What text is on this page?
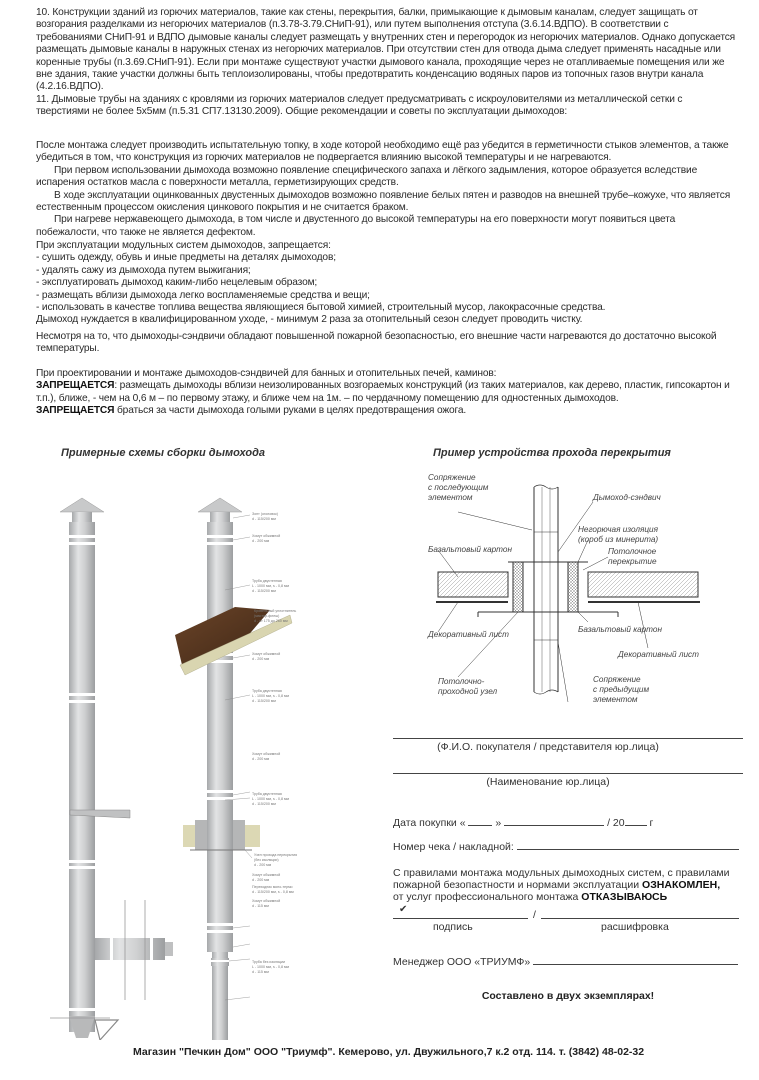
10. Конструкции зданий из горючих материалов, такие как стены, перекрытия, балки, примыкающие к дымовым каналам, следует защищать от возгорания разделками из негорючих материалов (п.3.78-3.79.СНиП-91), или путем выполнения отступа (3.6.14.ВДПО). В соответствии с требованиями СНиП-91 и ВДПО дымовые каналы следует размещать у внутренних стен и перегородок из негорючих материалов. Однако допускается размещать дымовые каналы в наружных стенах из негорючих материалов. При отсутствии стен для отвода дыма следует применять насадные или коренные трубы (п.3.69.СНиП-91). Если при монтаже существуют участки дымового канала, проходящие через не отапливаемые помещения или же вне здания, такие участки должны быть теплоизолированы, чтобы предотвратить конденсацию водяных паров из топочных газов внутри канала (4.2.16.ВДПО).

11. Дымовые трубы на зданиях с кровлями из горючих материалов следует предусматривать с искроуловителями из металлической сетки с тверстиями не более 5х5мм (п.5.31 СП7.13130.2009). Общие рекомендации и советы по эксплуатации дымоходов:

После монтажа следует производить испытательную топку, в ходе которой необходимо ещё раз убедится в герметичности стыков элементов, а также убедиться в том, что конструкция из горючих материалов не подвергается влиянию высокой температуры и не нагреваются.

При первом использовании дымохода возможно появление специфического запаха и лёгкого задымления, которое образуется вследствие испарения остатков масла с поверхности металла, герметизирующих средств.

В ходе эксплуатации оцинкованных двустенных дымоходов возможно появление белых пятен и разводов на внешней трубе–кожухе, что является естественным процессом окисления цинкового покрытия и не считается браком.

При нагреве нержавеющего дымохода, в том числе и двустенного до высокой температуры на его поверхности могут появиться цвета побежалости, что также не является дефектом.

При эксплуатации модульных систем дымоходов, запрещается:

- сушить одежду, обувь и иные предметы на деталях дымоходов;

- удалять сажу из дымохода путем выжигания;

- эксплуатировать дымоход каким-либо нецелевым образом;

- размещать вблизи дымохода легко воспламеняемые средства и вещи;

- использовать в качестве топлива вещества являющиеся бытовой химией, строительный мусор, лакокрасочные средства.

Дымоход нуждается в квалифицированном уходе, - минимум 2 раза за отопительный сезон следует проводить чистку.

Несмотря на то, что дымоходы-сэндвичи обладают повышенной пожарной безопасностью, его внешние части нагреваются до достаточно высокой температуры.

При проектировании и монтаже дымоходов-сэндвичей для банных и отопительных печей, каминов:

ЗАПРЕЩАЕТСЯ: размещать дымоходы вблизи неизолированных возгораемых конструкций (из таких материалов, как дерево, пластик, гипсокартон и т.п.), ближе, - чем на 0,6 м – по первому этажу, и ближе чем на 1м. – по чердачному помещению для одностенных дымоходов.

ЗАПРЕЩАЕТСЯ браться за части дымохода голыми руками в целях предотвращения ожога.

Примерные схемы сборки дымохода
Зонт (оголовок)
d - 115/200 мм
Хомут обжимной
d - 200 мм
Труба двустенная
L - 1000 мм, s - 0,8 мм
d - 115/200 мм
Кровельный уплотнитель
(мастер-флеш)
d - от 175 до 260 мм
Хомут обжимной
d - 200 мм
Труба двустенная
L - 1000 мм, s - 0,8 мм
d - 115/200 мм
Хомут обжимной
d - 200 мм
Труба двустенная
L - 1000 мм, s - 0,8 мм
d - 115/200 мм
Узел прохода перекрытия
(без изоляции)
d - 200 мм
Хомут обжимной
d - 200 мм
Переходник моно-термо
d - 115/200 мм, s - 0,8 мм
Хомут обжимной
d - 115 мм
Труба без изоляции
L - 1000 мм, s - 0,8 мм
d - 115 мм
Пример устройства прохода перекрытия
Сопряжение
с последующим
элементом	Дымоход-сэндвич
Негорючая изоляция
(короб из минерита)
Базальтовый картон	Потолочное
перекрытие
Декоративный лист
Базальтовый картон
Декоративный лист
Потолочно-
проходной узел
Сопряжение
с предыдущим
элементом
(Ф.И.О. покупателя / представителя юр.лица)
(Наименование юр.лица)
Дата покупки «	»	/ 20 г
Номер чека / накладной:
С правилами монтажа модульных дымоходных систем, с правилами пожарной безопастности и нормами эксплуатации ОЗНАКОМЛЕН,
от услуг профессионального монтажа ОТКАЗЫВАЮСЬ
✔	/
подпись	расшифровка
Менеджер ООО «ТРИУМФ»
Составлено в двух экземплярах!
Магазин "Печкин Дом" ООО "Триумф". Кемерово, ул. Двужильного,7 к.2 отд. 114. т. (3842) 48-02-32
